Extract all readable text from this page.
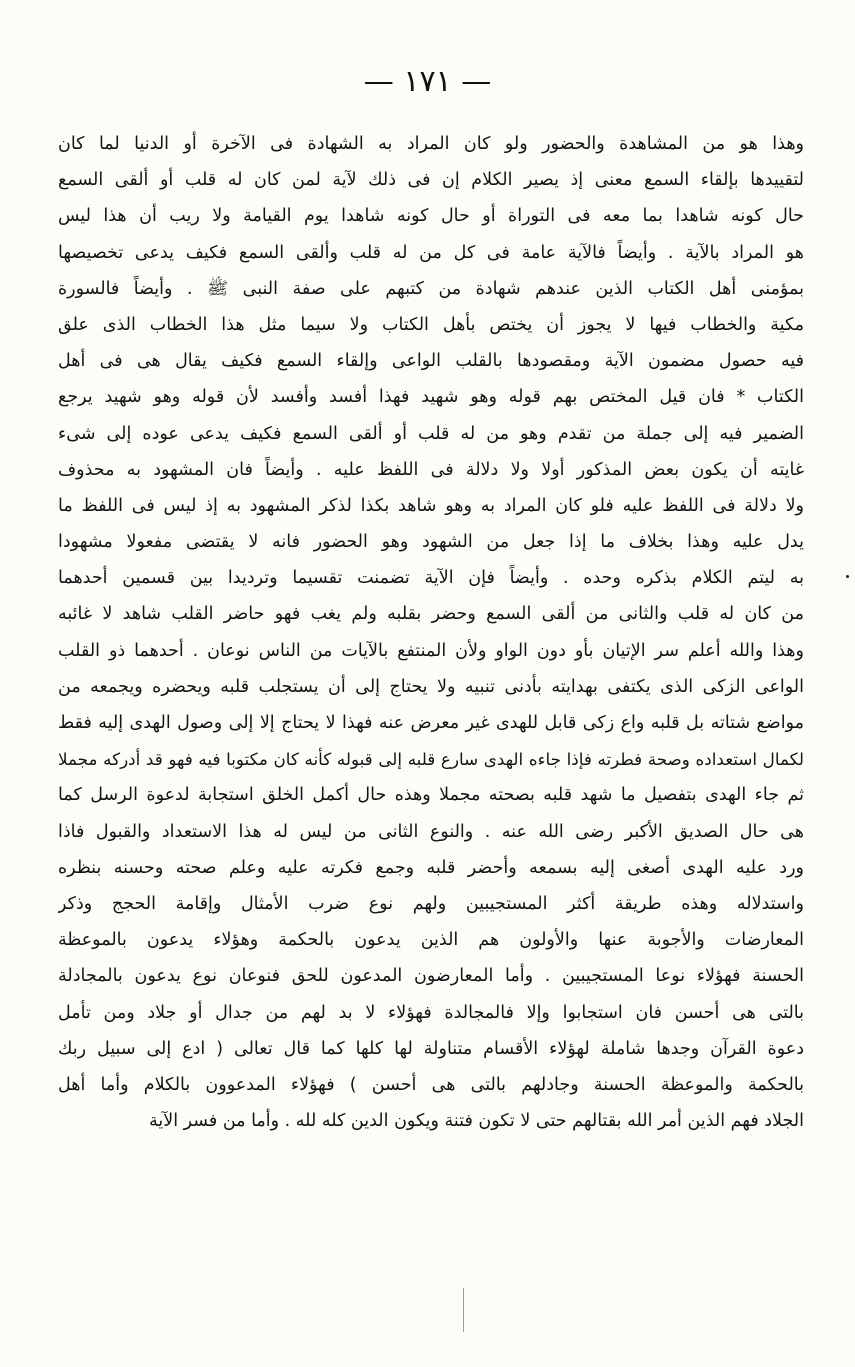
— ١٧١ —
وهذا هو من المشاهدة والحضور ولو كان المراد به الشهادة فى الآخرة أو الدنيا لما كان
لتقييدها بإلقاء السمع معنى إذ يصير الكلام إن فى ذلك لآية لمن كان له قلب أو ألقى السمع
حال كونه شاهدا بما معه فى التوراة أو حال كونه شاهدا يوم القيامة ولا ريب أن هذا ليس
هو المراد بالآية . وأيضاً فالآية عامة فى كل من له قلب وألقى السمع فكيف يدعى تخصيصها
بمؤمنى أهل الكتاب الذين عندهم شهادة من كتبهم على صفة النبى ﷺ . وأيضاً فالسورة
مكية والخطاب فيها لا يجوز أن يختص بأهل الكتاب ولا سيما مثل هذا الخطاب الذى علق
فيه حصول مضمون الآية ومقصودها بالقلب الواعى وإلقاء السمع فكيف يقال هى فى أهل
الكتاب * فان قيل المختص بهم قوله وهو شهيد فهذا أفسد وأفسد لأن قوله وهو شهيد يرجع
الضمير فيه إلى جملة من تقدم وهو من له قلب أو ألقى السمع فكيف يدعى عوده إلى شىء
غايته أن يكون بعض المذكور أولا ولا دلالة فى اللفظ عليه . وأيضاً فان المشهود به محذوف
ولا دلالة فى اللفظ عليه فلو كان المراد به وهو شاهد بكذا لذكر المشهود به إذ ليس فى اللفظ ما
يدل عليه وهذا بخلاف ما إذا جعل من الشهود وهو الحضور فانه لا يقتضى مفعولا مشهودا
به ليتم الكلام بذكره وحده . وأيضاً فإن الآية تضمنت تقسيما وترديدا بين قسمين أحدهما
من كان له قلب والثانى من ألقى السمع وحضر بقلبه ولم يغب فهو حاضر القلب شاهد لا غائبه
وهذا والله أعلم سر الإتيان بأو دون الواو ولأن المنتفع بالآيات من الناس نوعان . أحدهما ذو القلب
الواعى الزكى الذى يكتفى بهدايته بأدنى تنبيه ولا يحتاج إلى أن يستجلب قلبه ويحضره ويجمعه من
مواضع شتاته بل قلبه واع زكى قابل للهدى غير معرض عنه فهذا لا يحتاج إلا إلى وصول الهدى إليه فقط
لكمال استعداده وصحة فطرته فإذا جاءه الهدى سارع قلبه إلى قبوله كأنه كان مكتوبا فيه فهو قد أدركه مجملا
ثم جاء الهدى بتفصيل ما شهد قلبه بصحته مجملا وهذه حال أكمل الخلق استجابة لدعوة الرسل كما
هى حال الصديق الأكبر رضى الله عنه . والنوع الثانى من ليس له هذا الاستعداد والقبول فاذا
ورد عليه الهدى أصغى إليه بسمعه وأحضر قلبه وجمع فكرته عليه وعلم صحته وحسنه بنظره
واستدلاله وهذه طريقة أكثر المستجيبين ولهم نوع ضرب الأمثال وإقامة الحجج وذكر
المعارضات والأجوبة عنها والأولون هم الذين يدعون بالحكمة وهؤلاء يدعون بالموعظة
الحسنة فهؤلاء نوعا المستجيبين . وأما المعارضون المدعون للحق فنوعان نوع يدعون بالمجادلة
بالتى هى أحسن فان استجابوا وإلا فالمجالدة فهؤلاء لا بد لهم من جدال أو جلاد ومن تأمل
دعوة القرآن وجدها شاملة لهؤلاء الأقسام متناولة لها كلها كما قال تعالى ( ادع إلى سبيل ربك
بالحكمة والموعظة الحسنة وجادلهم بالتى هى أحسن ) فهؤلاء المدعوون بالكلام وأما أهل
الجلاد فهم الذين أمر الله بقتالهم حتى لا تكون فتنة ويكون الدين كله لله . وأما من فسر الآية
